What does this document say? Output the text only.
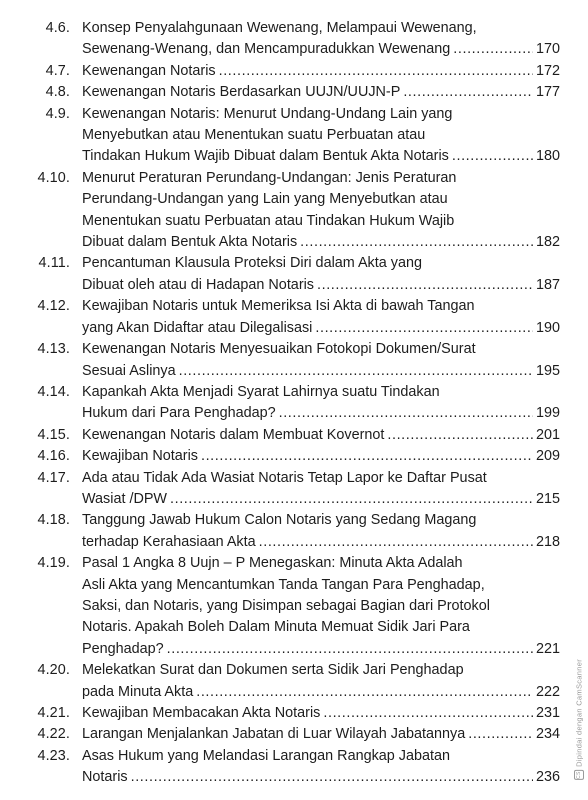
4.6. Konsep Penyalahgunaan Wewenang, Melampaui Wewenang,
Sewenang-Wenang, dan Mencampuradukkan Wewenang .....	170
4.7. Kewenangan Notaris .....	172
4.8. Kewenangan Notaris Berdasarkan UUJN/UUJN-P .....	177
4.9. Kewenangan Notaris: Menurut Undang-Undang Lain yang
Menyebutkan atau Menentukan suatu Perbuatan atau
Tindakan Hukum Wajib Dibuat dalam Bentuk Akta Notaris .....	180
4.10. Menurut Peraturan Perundang-Undangan: Jenis Peraturan
Perundang-Undangan yang Lain yang Menyebutkan atau
Menentukan suatu Perbuatan atau Tindakan Hukum Wajib
Dibuat dalam Bentuk Akta Notaris .....	182
4.11. Pencantuman Klausula Proteksi Diri dalam Akta yang
Dibuat oleh atau di Hadapan Notaris .....	187
4.12. Kewajiban Notaris untuk Memeriksa Isi Akta di bawah Tangan
yang Akan Didaftar atau Dilegalisasi .....	190
4.13. Kewenangan Notaris Menyesuaikan Fotokopi Dokumen/Surat
Sesuai Aslinya .....	195
4.14. Kapankah Akta Menjadi Syarat Lahirnya suatu Tindakan
Hukum dari Para Penghadap? .....	199
4.15. Kewenangan Notaris dalam Membuat Kovernot .....	201
4.16. Kewajiban Notaris .....	209
4.17. Ada atau Tidak Ada Wasiat Notaris Tetap Lapor ke Daftar Pusat
Wasiat /DPW .....	215
4.18. Tanggung Jawab Hukum Calon Notaris yang Sedang Magang
terhadap Kerahasiaan Akta .....	218
4.19. Pasal 1 Angka 8 Uujn – P Menegaskan: Minuta Akta Adalah
Asli Akta yang Mencantumkan Tanda Tangan Para Penghadap,
Saksi, dan Notaris, yang Disimpan sebagai Bagian dari Protokol
Notaris. Apakah Boleh Dalam Minuta Memuat Sidik Jari Para
Penghadap? .....	221
4.20. Melekatkan Surat dan Dokumen serta Sidik Jari Penghadap
pada Minuta Akta .....	222
4.21. Kewajiban Membacakan Akta Notaris .....	231
4.22. Larangan Menjalankan Jabatan di Luar Wilayah Jabatannya .....	234
4.23. Asas Hukum yang Melandasi Larangan Rangkap Jabatan
Notaris .....	236	CS
Dipindai dengan CamScanner
